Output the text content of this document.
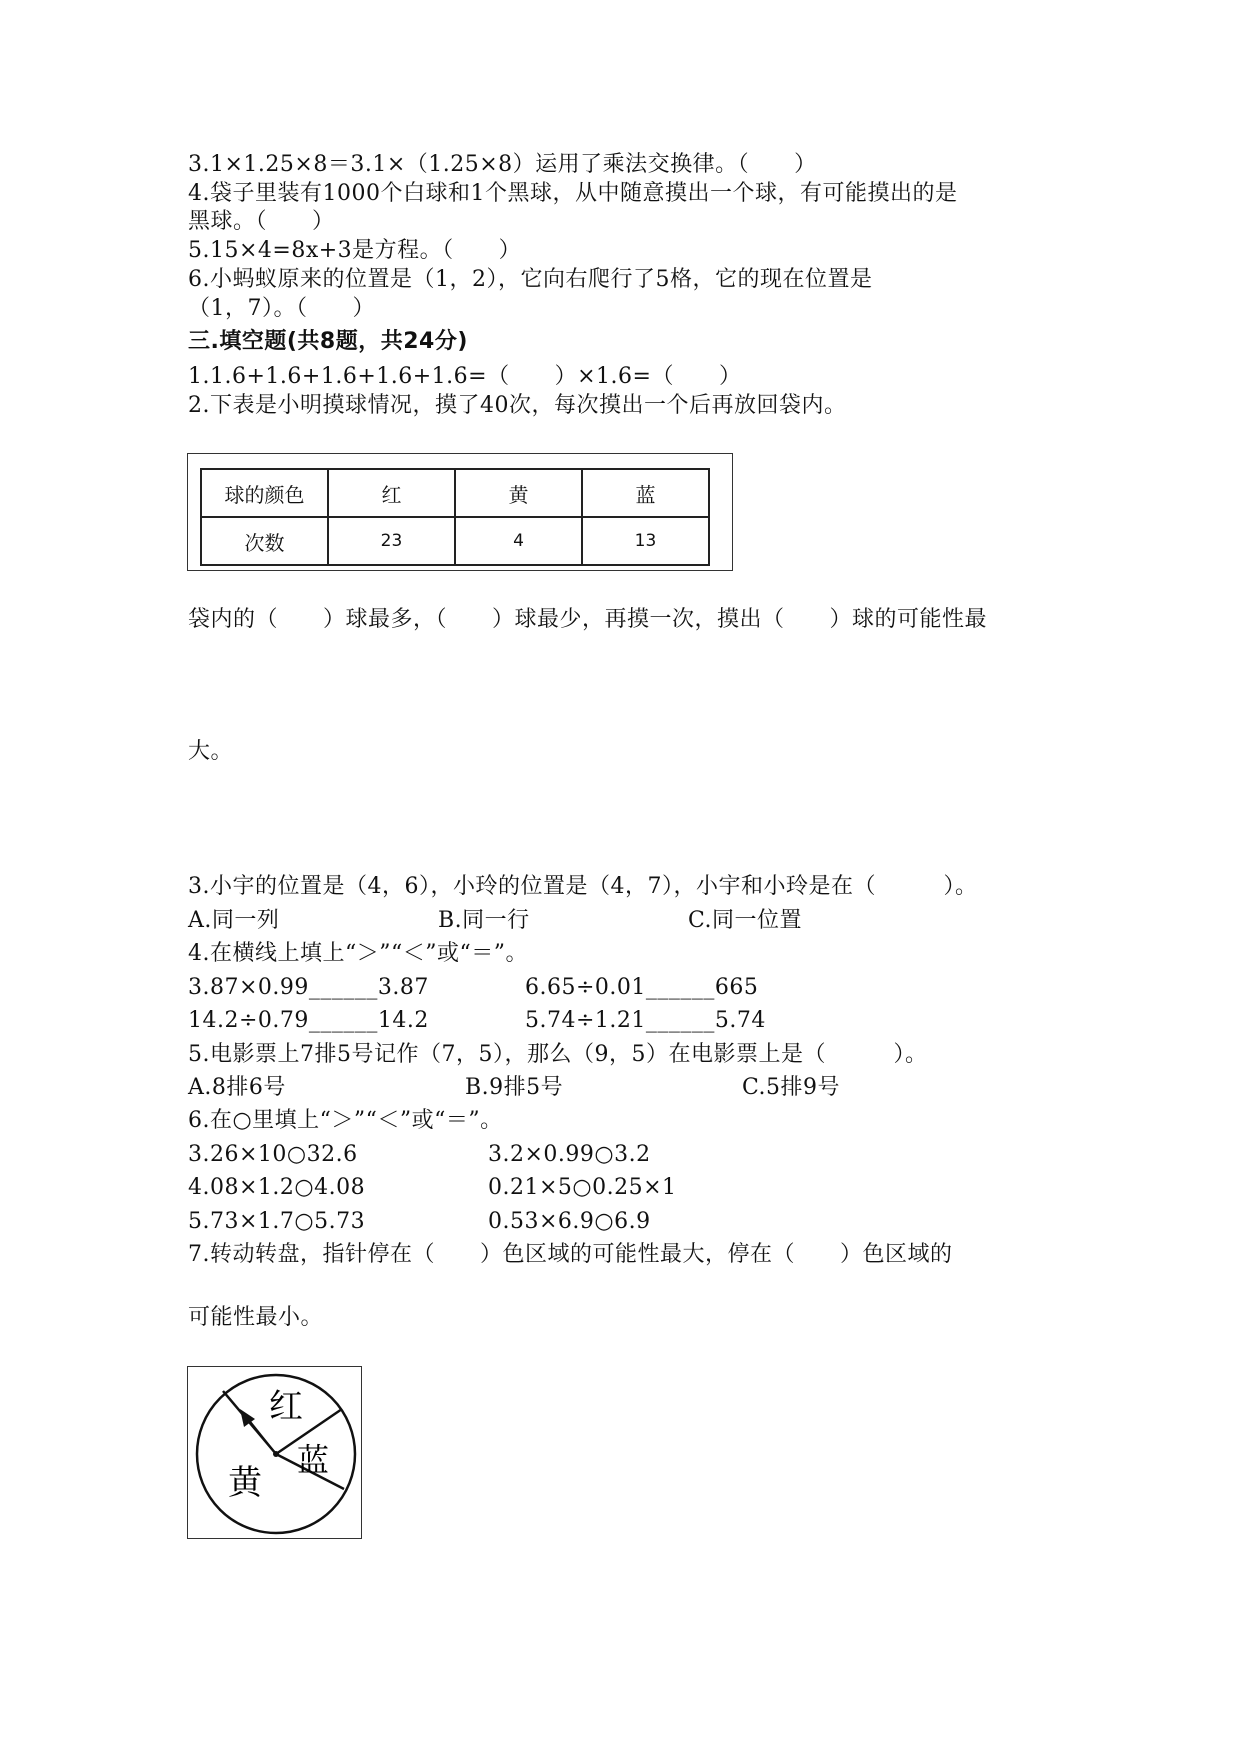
3.1×1.25×8＝3.1×（1.25×8）运用了乘法交换律。（　　）
4.袋子里装有1000个白球和1个黑球，从中随意摸出一个球，有可能摸出的是
黑球。（　　）
5.15×4=8x+3是方程。（　　）
6.小蚂蚁原来的位置是（1，2），它向右爬行了5格，它的现在位置是
（1，7）。（　　）
三.填空题(共8题，共24分)
1.1.6+1.6+1.6+1.6+1.6=（　　）×1.6=（　　）
2.下表是小明摸球情况，摸了40次，每次摸出一个后再放回袋内。
球的颜色	红	黄	蓝
次数	23	4	13
袋内的（　　）球最多，（　　）球最少，再摸一次，摸出（　　）球的可能性最
大。
3.小宇的位置是（4，6），小玲的位置是（4，7），小宇和小玲是在（　　　）。
A.同一列	B.同一行	C.同一位置
4.在横线上填上“＞”“＜”或“＝”。
3.87×0.99______3.87	6.65÷0.01______665
14.2÷0.79______14.2	5.74÷1.21______5.74
5.电影票上7排5号记作（7，5），那么（9，5）在电影票上是（　　　）。
A.8排6号	B.9排5号	C.5排9号
6.在○里填上“＞”“＜”或“＝”。
3.26×10○32.6	3.2×0.99○3.2
4.08×1.2○4.08	0.21×5○0.25×1
5.73×1.7○5.73	0.53×6.9○6.9
7.转动转盘，指针停在（　　）色区域的可能性最大，停在（　　）色区域的
可能性最小。
红
蓝
黄
